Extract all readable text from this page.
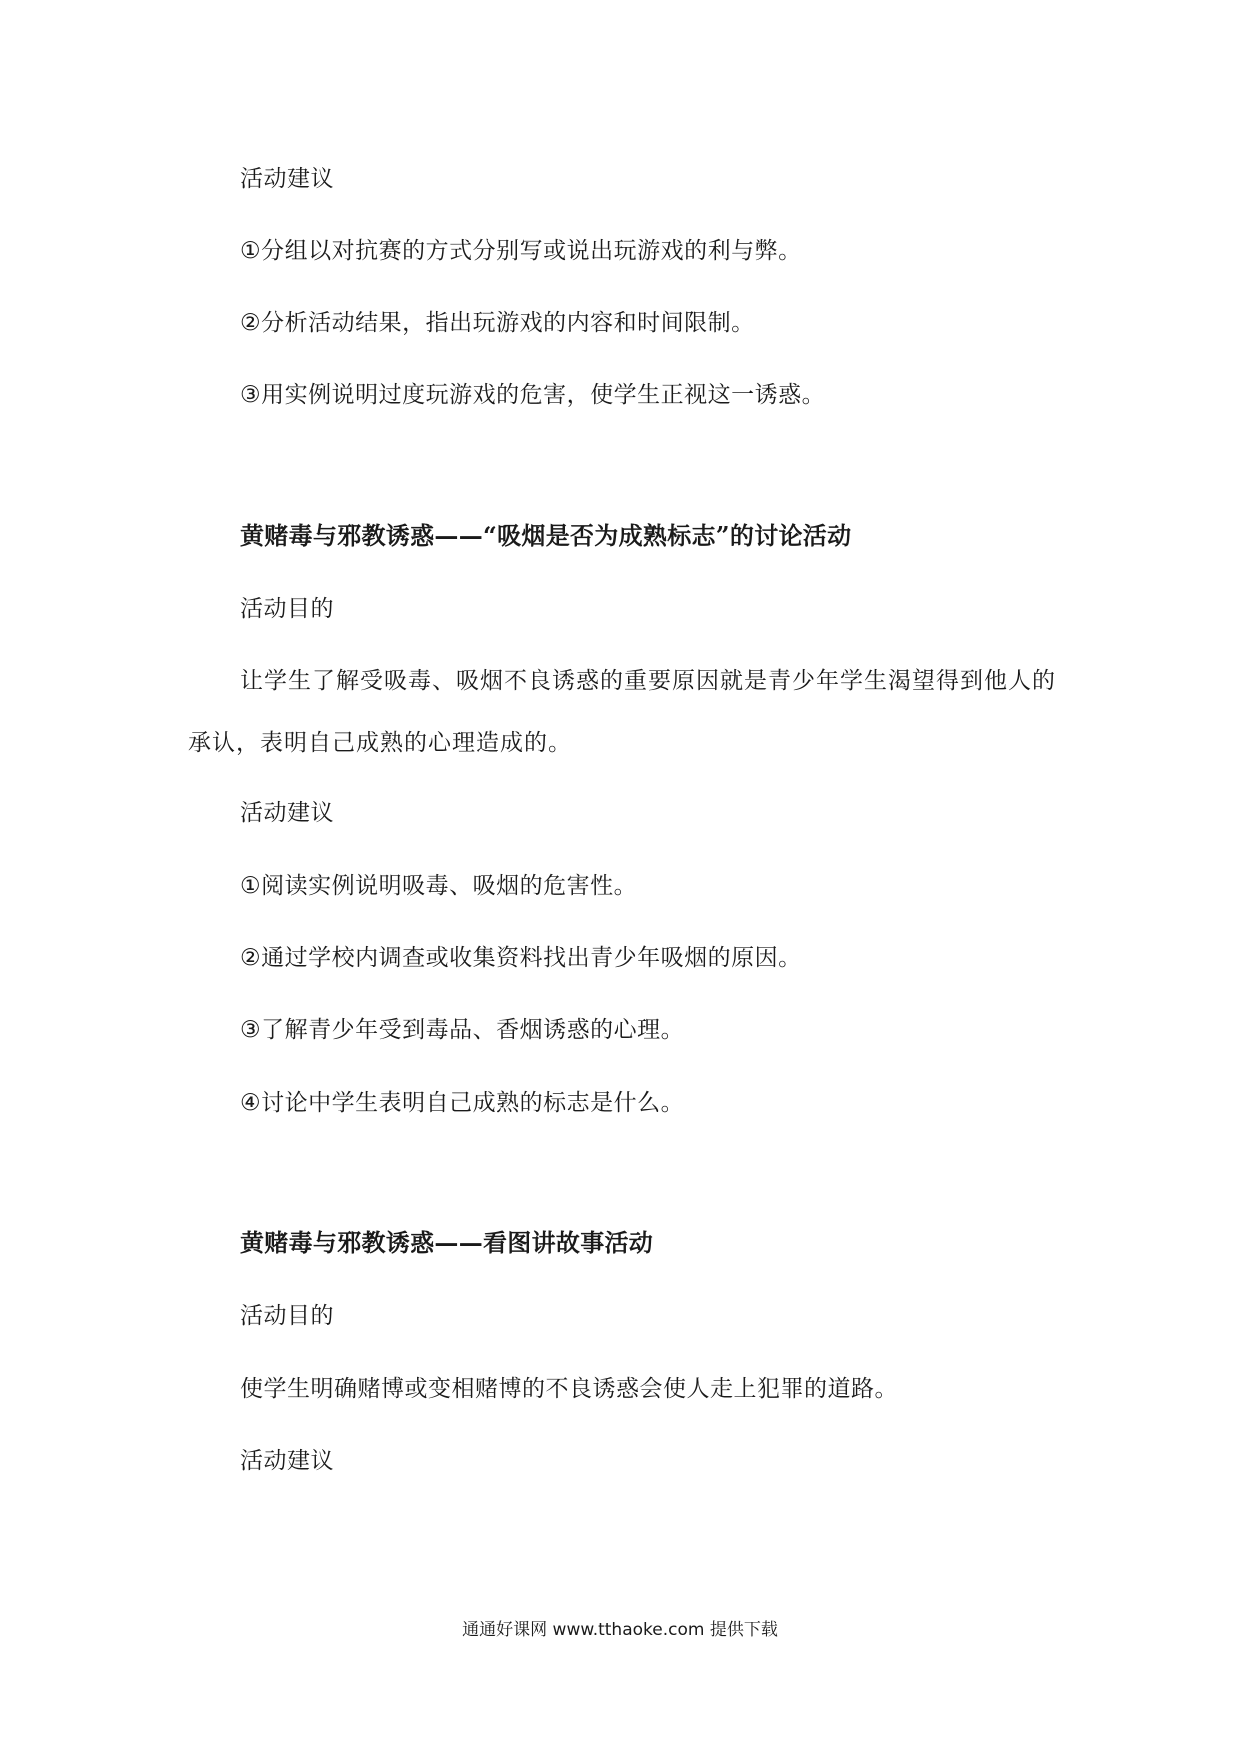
活动建议
①分组以对抗赛的方式分别写或说出玩游戏的利与弊。
②分析活动结果，指出玩游戏的内容和时间限制。
③用实例说明过度玩游戏的危害，使学生正视这一诱惑。
黄赌毒与邪教诱惑——“吸烟是否为成熟标志”的讨论活动
活动目的

让学生了解受吸毒、吸烟不良诱惑的重要原因就是青少年学生渴望得到他人的承认，表明自己成熟的心理造成的。

活动建议
①阅读实例说明吸毒、吸烟的危害性。
②通过学校内调查或收集资料找出青少年吸烟的原因。
③了解青少年受到毒品、香烟诱惑的心理。
④讨论中学生表明自己成熟的标志是什么。
黄赌毒与邪教诱惑——看图讲故事活动
活动目的
使学生明确赌博或变相赌博的不良诱惑会使人走上犯罪的道路。
活动建议
通通好课网 www.tthaoke.com 提供下载
